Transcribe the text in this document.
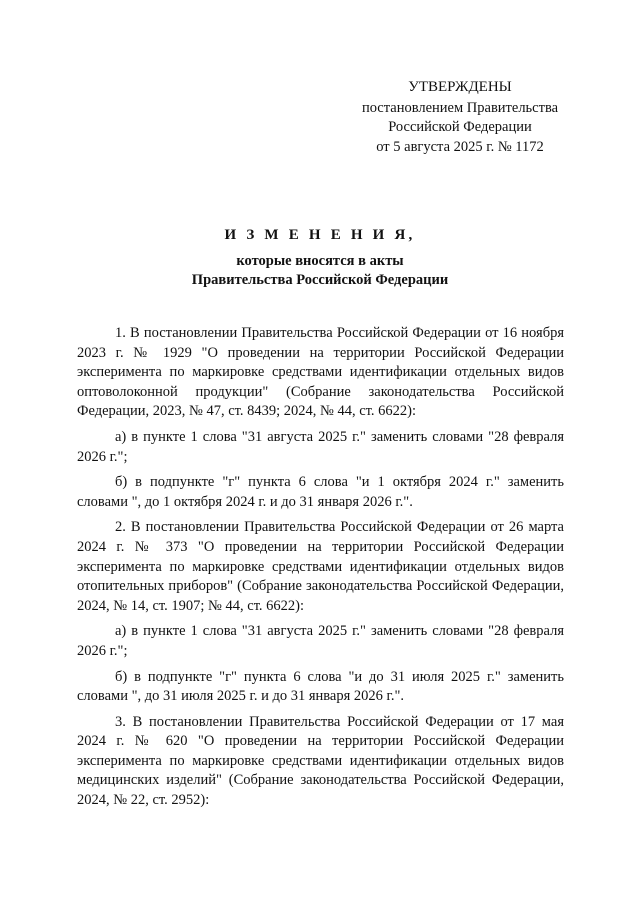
УТВЕРЖДЕНЫ
постановлением Правительства
Российской Федерации
от 5 августа 2025 г. № 1172
И З М Е Н Е Н И Я,
которые вносятся в акты
Правительства Российской Федерации

1. В постановлении Правительства Российской Федерации от 16 ноября 2023 г. № 1929 "О проведении на территории Российской Федерации эксперимента по маркировке средствами идентификации отдельных видов оптоволоконной продукции" (Собрание законодательства Российской Федерации, 2023, № 47, ст. 8439; 2024, № 44, ст. 6622):

а) в пункте 1 слова "31 августа 2025 г." заменить словами "28 февраля 2026 г.";

б) в подпункте "г" пункта 6 слова "и 1 октября 2024 г." заменить словами ", до 1 октября 2024 г. и до 31 января 2026 г.".

2. В постановлении Правительства Российской Федерации от 26 марта 2024 г. № 373 "О проведении на территории Российской Федерации эксперимента по маркировке средствами идентификации отдельных видов отопительных приборов" (Собрание законодательства Российской Федерации, 2024, № 14, ст. 1907; № 44, ст. 6622):

а) в пункте 1 слова "31 августа 2025 г." заменить словами "28 февраля 2026 г.";

б) в подпункте "г" пункта 6 слова "и до 31 июля 2025 г." заменить словами ", до 31 июля 2025 г. и до 31 января 2026 г.".

3. В постановлении Правительства Российской Федерации от 17 мая 2024 г. № 620 "О проведении на территории Российской Федерации эксперимента по маркировке средствами идентификации отдельных видов медицинских изделий" (Собрание законодательства Российской Федерации, 2024, № 22, ст. 2952):
